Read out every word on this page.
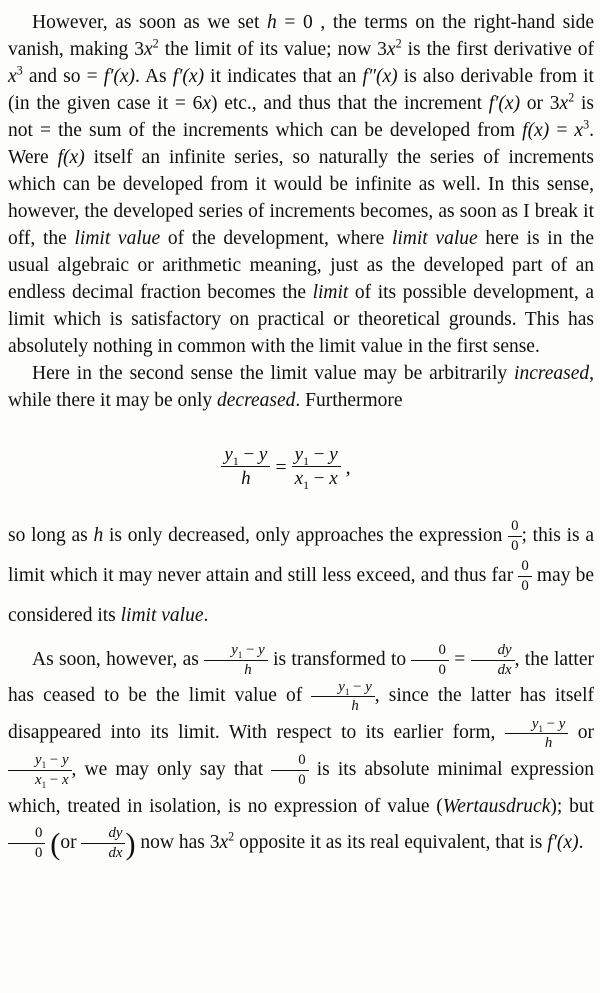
However, as soon as we set h = 0 , the terms on the right-hand side vanish, making $3x^2$ the limit of its value; now $3x^2$ is the first derivative of $x^3$ and so = f′(x). As f′(x) it indicates that an f″(x) is also derivable from it (in the given case it = 6x) etc., and thus that the increment f′(x) or $3x^2$ is not = the sum of the increments which can be developed from $f(x) = x^3$. Were f(x) itself an infinite series, so naturally the series of increments which can be developed from it would be infinite as well. In this sense, however, the developed series of increments becomes, as soon as I break it off, the limit value of the development, where limit value here is in the usual algebraic or arithmetic meaning, just as the developed part of an endless decimal fraction becomes the limit of its possible development, a limit which is satisfactory on practical or theoretical grounds. This has absolutely nothing in common with the limit value in the first sense.

Here in the second sense the limit value may be arbitrarily increased, while there it may be only decreased. Furthermore

$\frac{y_1 - y}{h} = \frac{y_1 - y}{x_1 - x}$ ,

so long as h is only decreased, only approaches the expression $\frac{0}{0}$ ; this is a limit which it may never attain and still less exceed, and thus far $\frac{0}{0}$ may be considered its limit value.

As soon, however, as $\frac{y_1 - y}{h}$ is transformed to $\frac{0}{0} = \frac{dy}{dx}$ , the latter has ceased to be the limit value of $\frac{y_1 - y}{h}$ , since the latter has itself disappeared into its limit. With respect to its earlier form, $\frac{y_1 - y}{h}$ or
$\frac{y_1 - y}{x_1 - x}$ , we may only say that $\frac{0}{0}$ is its absolute minimal expression which, treated in isolation, is no expression of value (Wertausdruck); but
$\frac{0}{0} (or \frac{dy}{dx}$ ) now has $3x^2$ opposite it as its real equivalent, that is f′(x).
